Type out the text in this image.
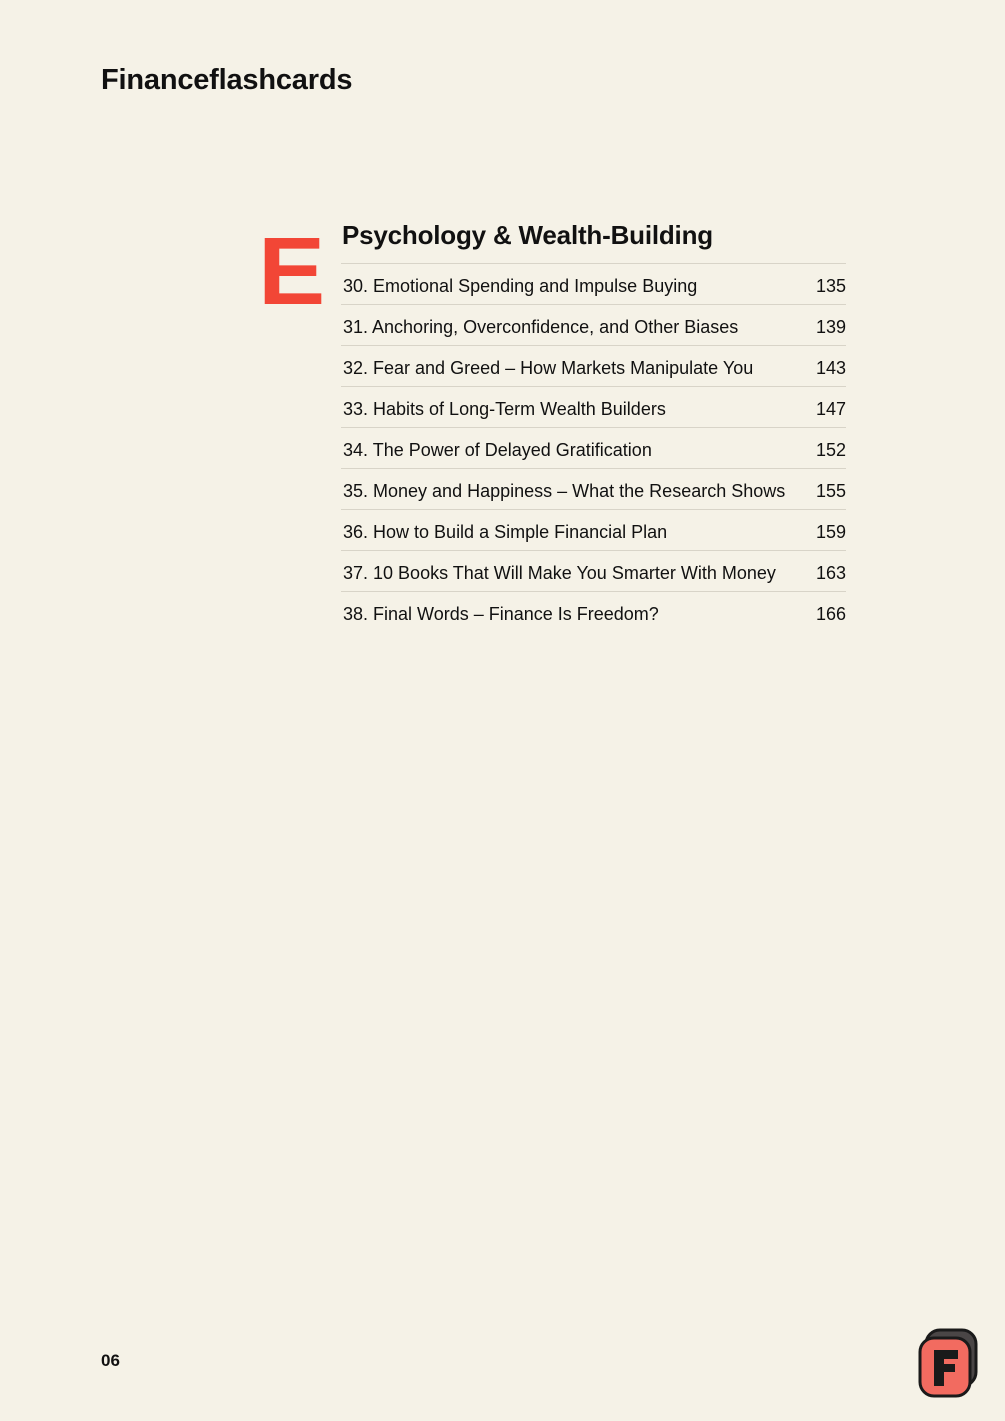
Financeflashcards
E Psychology & Wealth-Building
30. Emotional Spending and Impulse Buying	135
31. Anchoring, Overconfidence, and Other Biases	139
32. Fear and Greed – How Markets Manipulate You	143
33. Habits of Long-Term Wealth Builders	147
34. The Power of Delayed Gratification	152
35. Money and Happiness – What the Research Shows 155
36. How to Build a Simple Financial Plan	159
37. 10 Books That Will Make You Smarter With Money 163
38. Final Words – Finance Is Freedom?	166
06
